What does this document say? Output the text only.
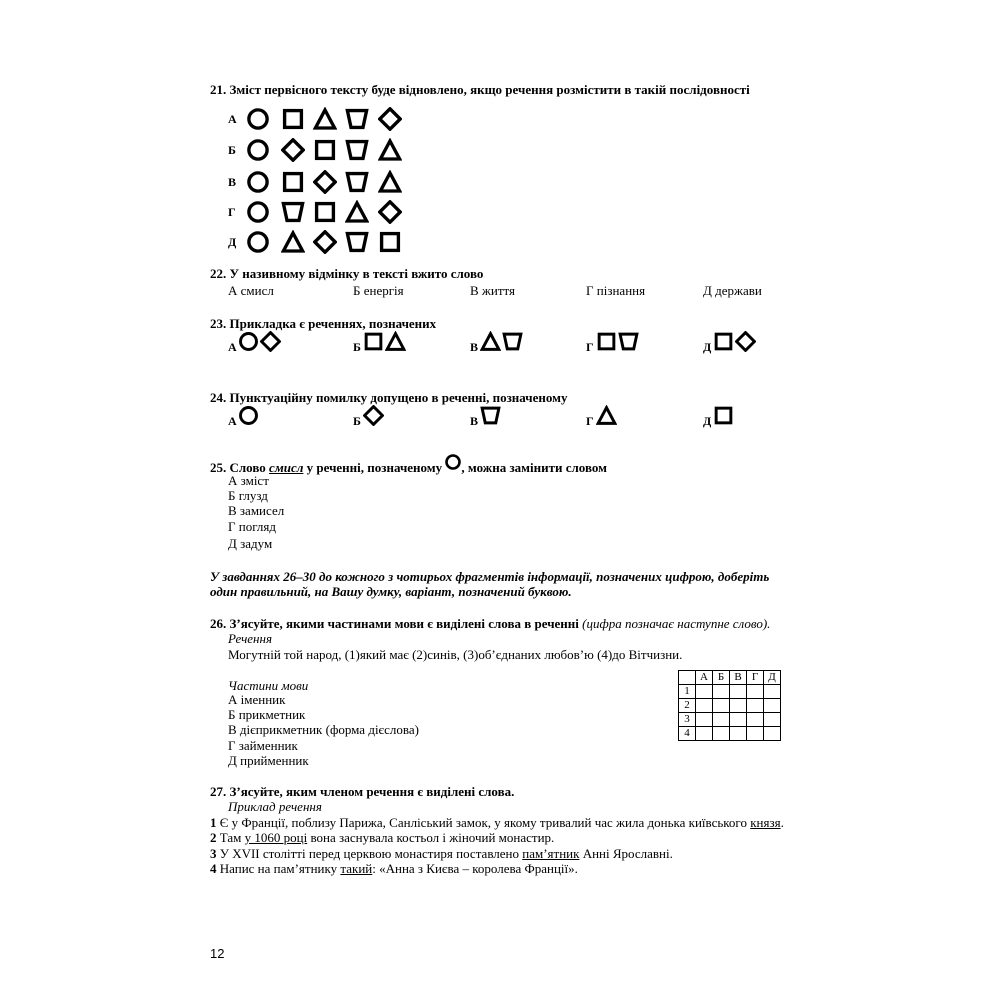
21. Зміст первісного тексту буде відновлено, якщо речення розмістити в такій послідовності
А
Б
В
Г
Д
22. У називному відмінку в тексті вжито слово
А смисл	Б енергія	В життя	Г пізнання	Д держави
23. Прикладка є реченнях, позначених
А	Б	В	Г	Д
24. Пунктуаційну помилку допущено в реченні, позначеному
А	Б	В	Г	Д
25. Слово смисл у реченні, позначеному , можна замінити словом
А зміст
Б глузд
В замисел
Г погляд
Д задум
У завданнях 26–30 до кожного з чотирьох фрагментів інформації, позначених цифрою, доберіть
один правильний, на Вашу думку, варіант, позначений буквою.
26. З’ясуйте, якими частинами мови є виділені слова в реченні (цифра позначає наступне слово).
Речення
Могутній той народ, (1)який має (2)синів, (3)об’єднаних любов’ю (4)до Вітчизни.
Частини мови
А іменник
Б прикметник
В дієприкметник (форма дієслова)
Г займенник
Д прийменник
	А	Б	В	Г	Д
1					
2					
3					
4					
27. З’ясуйте, яким членом речення є виділені слова.
Приклад речення
1 Є у Франції, поблизу Парижа, Санліський замок, у якому тривалий час жила донька київського князя.
2 Там у 1060 році вона заснувала костьол і жіночий монастир.
3 У XVII столітті перед церквою монастиря поставлено пам’ятник Анні Ярославні.
4 Напис на пам’ятнику такий: «Анна з Києва – королева Франції».
12
